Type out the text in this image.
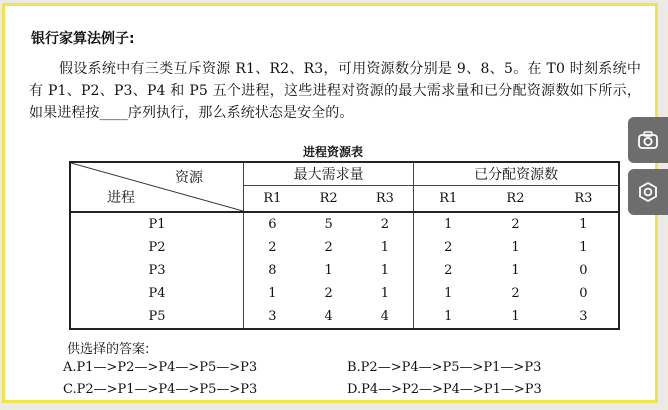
银行家算法例子:
假设系统中有三类互斥资源 R1、R2、R3，可用资源数分别是 9、8、5。在 T0 时刻系统中有 P1、P2、P3、P4 和 P5 五个进程，这些进程对资源的最大需求量和已分配资源数如下所示，如果进程按____序列执行，那么系统状态是安全的。
进程资源表
资源
进程	最大需求量			已分配资源数		
	R1	R2	R3	R1	R2	R3
P1	6	5	2	1	2	1
P2	2	2	1	2	1	1
P3	8	1	1	2	1	0
P4	1	2	1	1	2	0
P5	3	4	4	1	1	3
供选择的答案:
A.P1—>P2—>P4—>P5—>P3	B.P2—>P4—>P5—>P1—>P3
C.P2—>P1—>P4—>P5—>P3	D.P4—>P2—>P4—>P1—>P3
